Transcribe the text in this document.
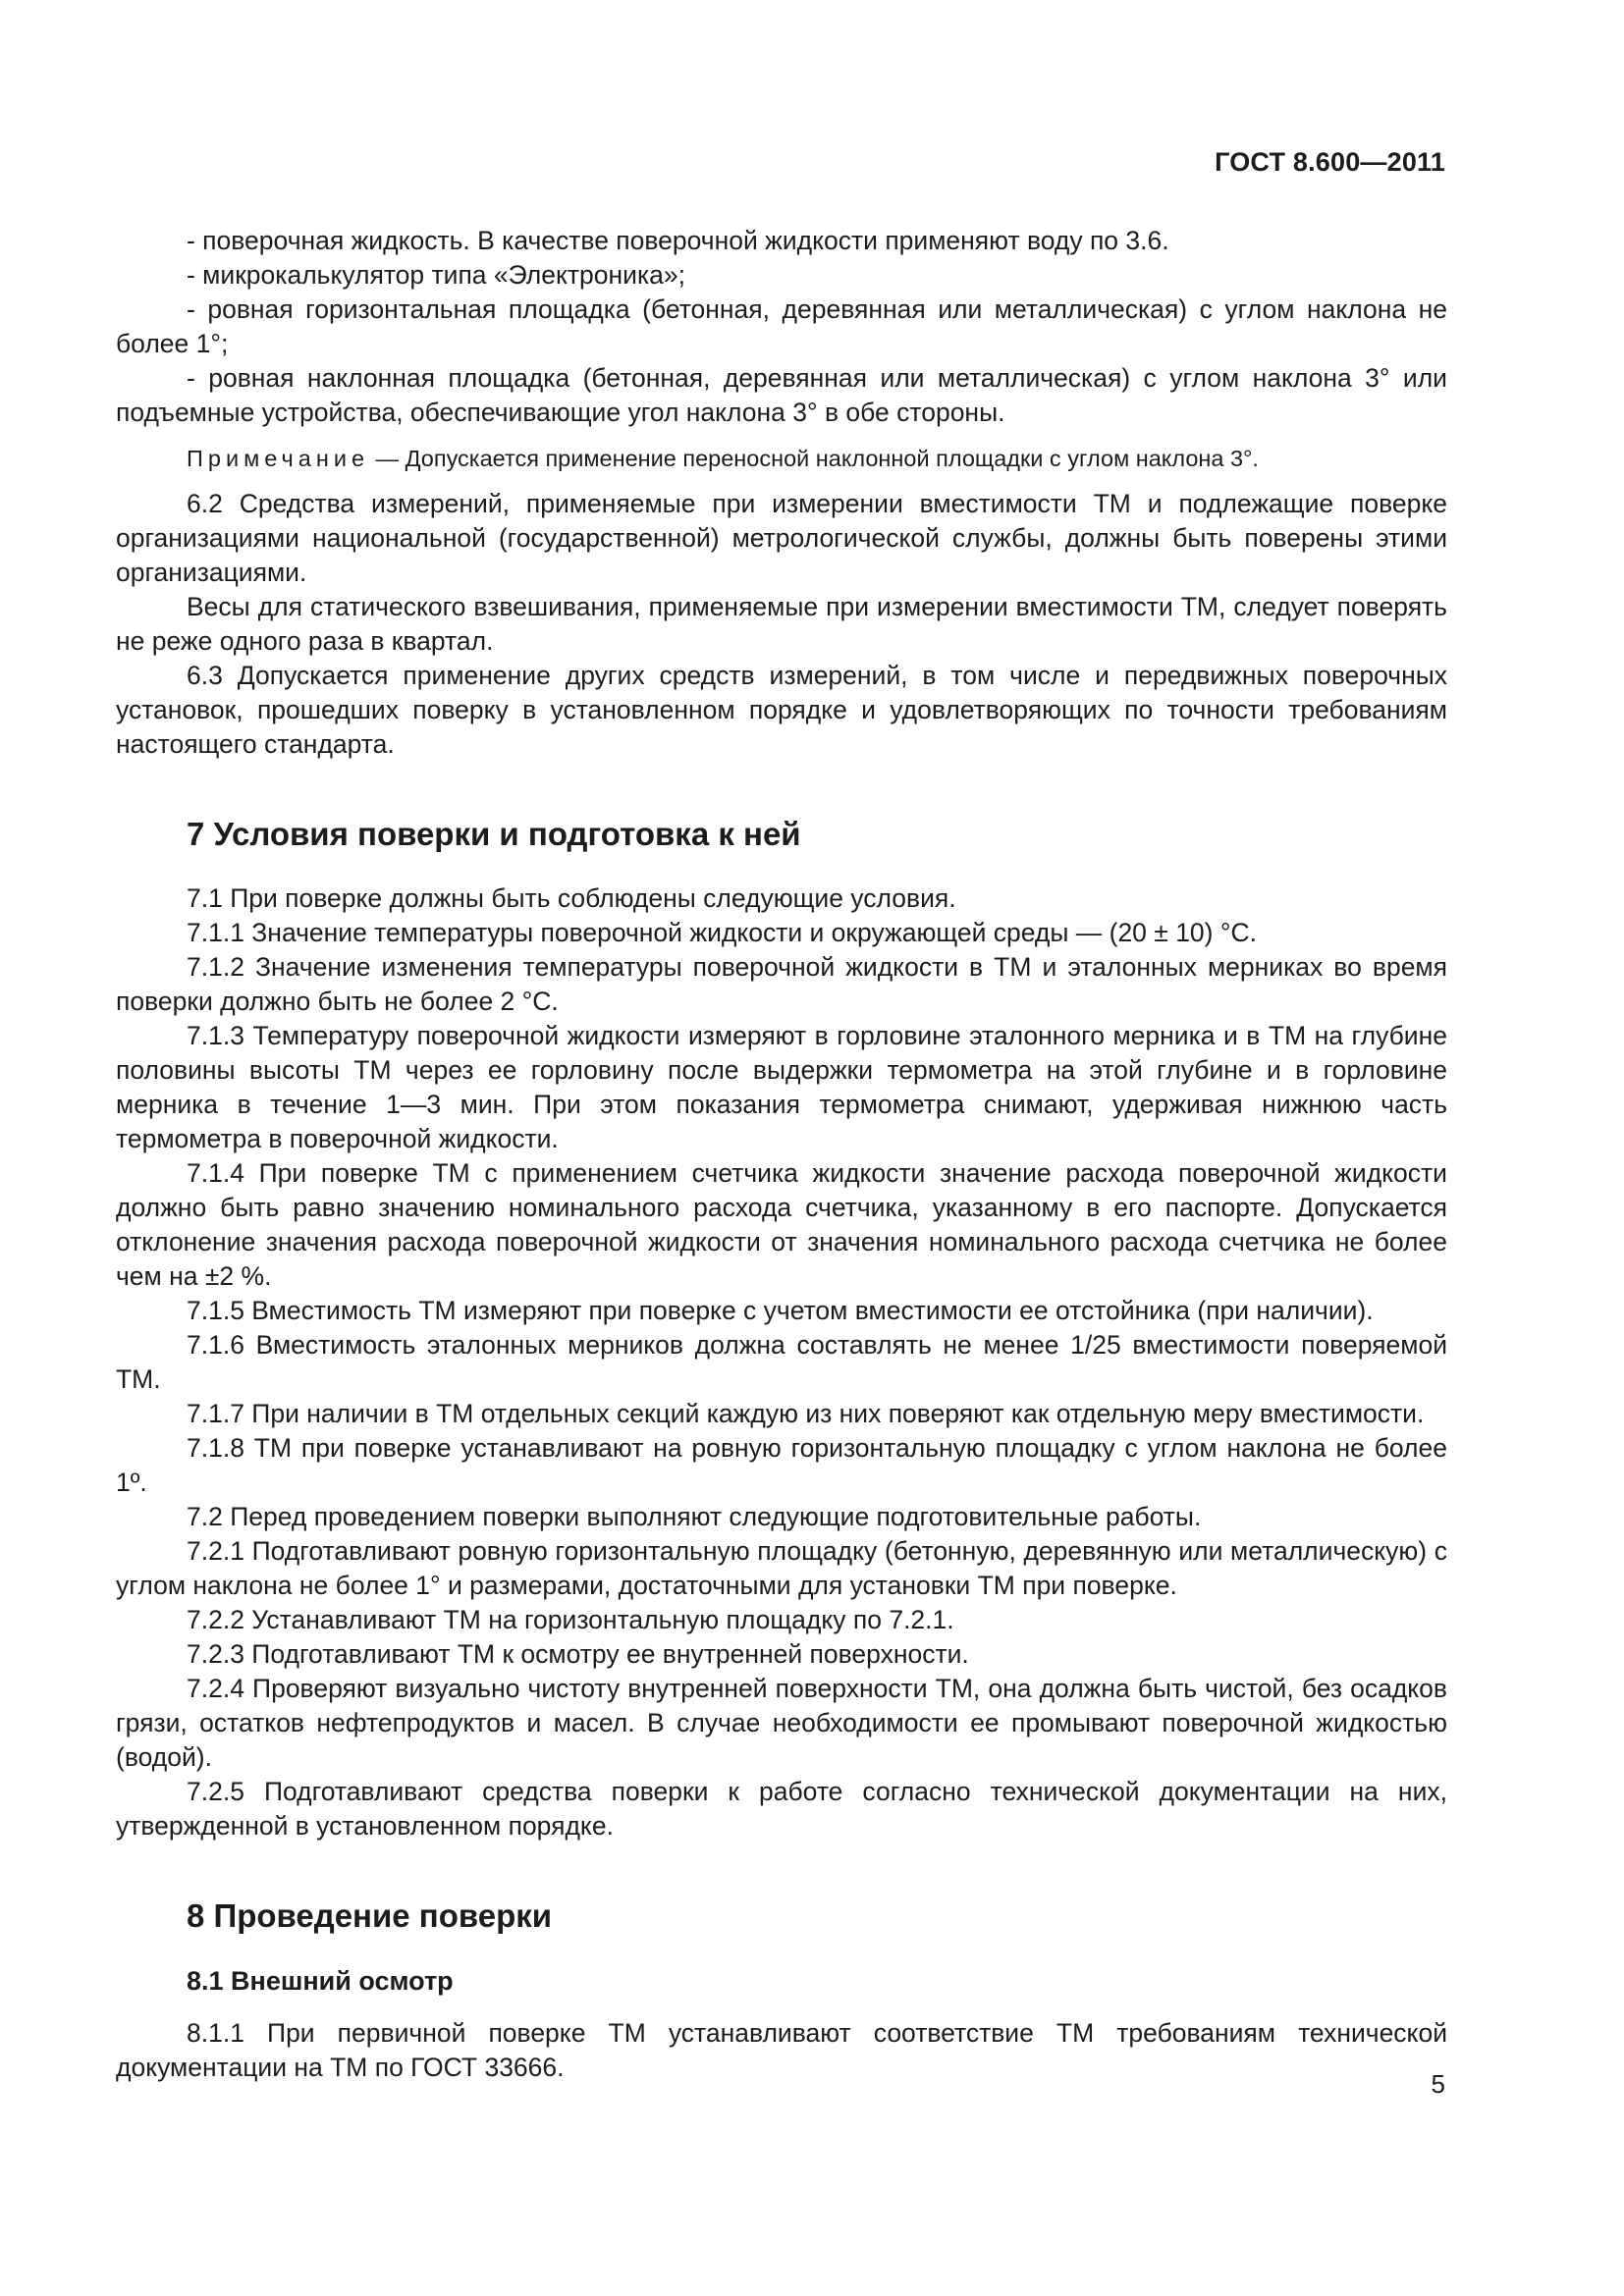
ГОСТ 8.600—2011

- поверочная жидкость. В качестве поверочной жидкости применяют воду по 3.6.

- микрокалькулятор типа «Электроника»;

- ровная горизонтальная площадка (бетонная, деревянная или металлическая) с углом наклона не более 1°;

- ровная наклонная площадка (бетонная, деревянная или металлическая) с углом наклона 3° или подъемные устройства, обеспечивающие угол наклона 3° в обе стороны.

Примечание — Допускается применение переносной наклонной площадки с углом наклона 3°.

6.2 Средства измерений, применяемые при измерении вместимости ТМ и подлежащие поверке организациями национальной (государственной) метрологической службы, должны быть поверены этими организациями.

Весы для статического взвешивания, применяемые при измерении вместимости ТМ, следует поверять не реже одного раза в квартал.

6.3 Допускается применение других средств измерений, в том числе и передвижных поверочных установок, прошедших поверку в установленном порядке и удовлетворяющих по точности требованиям настоящего стандарта.

7 Условия поверки и подготовка к ней

7.1 При поверке должны быть соблюдены следующие условия.

7.1.1 Значение температуры поверочной жидкости и окружающей среды — (20 ± 10) °С.

7.1.2 Значение изменения температуры поверочной жидкости в ТМ и эталонных мерниках во время поверки должно быть не более 2 °С.

7.1.3 Температуру поверочной жидкости измеряют в горловине эталонного мерника и в ТМ на глубине половины высоты ТМ через ее горловину после выдержки термометра на этой глубине и в горловине мерника в течение 1—3 мин. При этом показания термометра снимают, удерживая нижнюю часть термометра в поверочной жидкости.

7.1.4 При поверке ТМ с применением счетчика жидкости значение расхода поверочной жидкости должно быть равно значению номинального расхода счетчика, указанному в его паспорте. Допускается отклонение значения расхода поверочной жидкости от значения номинального расхода счетчика не более чем на ±2 %.

7.1.5 Вместимость ТМ измеряют при поверке с учетом вместимости ее отстойника (при наличии).

7.1.6 Вместимость эталонных мерников должна составлять не менее 1/25 вместимости поверяемой ТМ.

7.1.7 При наличии в ТМ отдельных секций каждую из них поверяют как отдельную меру вместимости.

7.1.8 ТМ при поверке устанавливают на ровную горизонтальную площадку с углом наклона не более 1º.

7.2 Перед проведением поверки выполняют следующие подготовительные работы.

7.2.1 Подготавливают ровную горизонтальную площадку (бетонную, деревянную или металлическую) с углом наклона не более 1° и размерами, достаточными для установки ТМ при поверке.

7.2.2 Устанавливают ТМ на горизонтальную площадку по 7.2.1.

7.2.3 Подготавливают ТМ к осмотру ее внутренней поверхности.

7.2.4 Проверяют визуально чистоту внутренней поверхности ТМ, она должна быть чистой, без осадков грязи, остатков нефтепродуктов и масел. В случае необходимости ее промывают поверочной жидкостью (водой).

7.2.5 Подготавливают средства поверки к работе согласно технической документации на них, утвержденной в установленном порядке.

8 Проведение поверки
8.1 Внешний осмотр

8.1.1 При первичной поверке ТМ устанавливают соответствие ТМ требованиям технической документации на ТМ по ГОСТ 33666.

5
